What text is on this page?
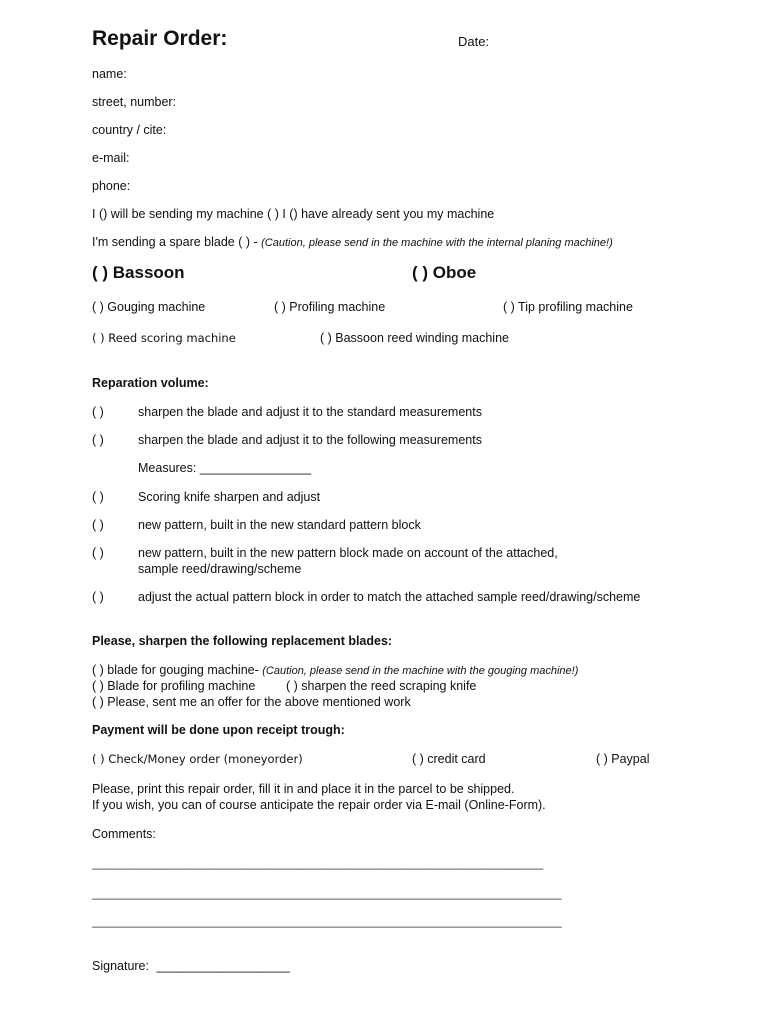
Repair Order:	Date:
name:
street, number:
country / cite:
e-mail:
phone:
I () will be sending my machine ( ) I () have already sent you my machine
I'm sending a spare blade ( ) - (Caution, please send in the machine with the internal planing machine!)
( ) Bassoon	( ) Oboe
( ) Gouging machine	( ) Profiling machine	( ) Tip profiling machine
( ) Reed scoring machine	( ) Bassoon reed winding machine
Reparation volume:
( )	sharpen the blade and adjust it to the standard measurements
( )	sharpen the blade and adjust it to the following measurements
Measures: ________________
( )	Scoring knife sharpen and adjust
( )	new pattern, built in the new standard pattern block
( )	new pattern, built in the new pattern block made on account of the attached,
sample reed/drawing/scheme
( )	adjust the actual pattern block in order to match the attached sample reed/drawing/scheme
Please, sharpen the following replacement blades:
( ) blade for gouging machine- (Caution, please send in the machine with the gouging machine!)
( ) Blade for profiling machine ( ) sharpen the reed scraping knife
( ) Please, sent me an offer for the above mentioned work
Payment will be done upon receipt trough:
( ) Check/Money order (moneyorder)	( ) credit card	( ) Paypal
Please, print this repair order, fill it in and place it in the parcel to be shipped.
If you wish, you can of course anticipate the repair order via E-mail (Online-Form).
Comments:
_________________________________________________________________________
____________________________________________________________________________
____________________________________________________________________________
Signature: ____________________
